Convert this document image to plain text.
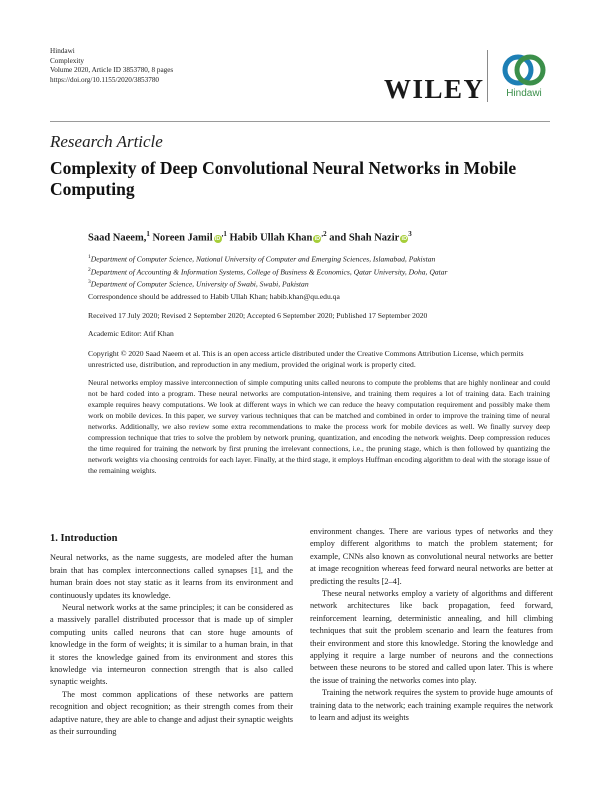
Hindawi
Complexity
Volume 2020, Article ID 3853780, 8 pages
https://doi.org/10.1155/2020/3853780	WILEY	Hindawi
Research Article
Complexity of Deep Convolutional Neural Networks in Mobile Computing
Saad Naeem,$^1$ Noreen Jamil $iD^{,1}$ Habib Ullah Khan $iD^{,2}$ and Shah Nazir $iD^3$
$^1$Department of Computer Science, National University of Computer and Emerging Sciences, Islamabad, Pakistan
$^2$Department of Accounting & Information Systems, College of Business & Economics, Qatar University, Doha, Qatar
$^3$Department of Computer Science, University of Swabi, Swabi, Pakistan
Correspondence should be addressed to Habib Ullah Khan; habib.khan@qu.edu.qa
Received 17 July 2020; Revised 2 September 2020; Accepted 6 September 2020; Published 17 September 2020
Academic Editor: Atif Khan
Copyright © 2020 Saad Naeem et al. This is an open access article distributed under the Creative Commons Attribution License, which permits unrestricted use, distribution, and reproduction in any medium, provided the original work is properly cited.
Neural networks employ massive interconnection of simple computing units called neurons to compute the problems that are highly nonlinear and could not be hard coded into a program. These neural networks are computation-intensive, and training them requires a lot of training data. Each training example requires heavy computations. We look at different ways in which we can reduce the heavy computation requirement and possibly make them work on mobile devices. In this paper, we survey various techniques that can be matched and combined in order to improve the training time of neural networks. Additionally, we also review some extra recommendations to make the process work for mobile devices as well. We finally survey deep compression technique that tries to solve the problem by network pruning, quantization, and encoding the network weights. Deep compression reduces the time required for training the network by first pruning the irrelevant connections, i.e., the pruning stage, which is then followed by quantizing the network weights via choosing centroids for each layer. Finally, at the third stage, it employs Huffman encoding algorithm to deal with the storage issue of the remaining weights.
1. Introduction

Neural networks, as the name suggests, are modeled after the human brain that has complex interconnections called synapses [1], and the human brain does not stay static as it learns from its environment and continuously updates its knowledge.

Neural network works at the same principles; it can be considered as a massively parallel distributed processor that is made up of simpler computing units called neurons that can store huge amounts of knowledge in the form of weights; it is similar to a human brain, in that it stores the knowledge gained from its environment and stores this knowledge via interneuron connection strength that is also called synaptic weights.

The most common applications of these networks are pattern recognition and object recognition; as their strength comes from their adaptive nature, they are able to change and adjust their synaptic weights as their surrounding

environment changes. There are various types of networks and they employ different algorithms to match the problem statement; for example, CNNs also known as convolutional neural networks are better at image recognition whereas feed forward neural networks are better at predicting the results [2–4].

These neural networks employ a variety of algorithms and different network architectures like back propagation, feed forward, reinforcement learning, deterministic annealing, and hill climbing techniques that suit the problem scenario and learn the features from their environment and store this knowledge. Storing the knowledge and applying it require a large number of neurons and the connections between these neurons to be stored and called upon later. This is where the issue of training the networks comes into play.

Training the network requires the system to provide huge amounts of training data to the network; each training example requires the network to learn and adjust its weights
